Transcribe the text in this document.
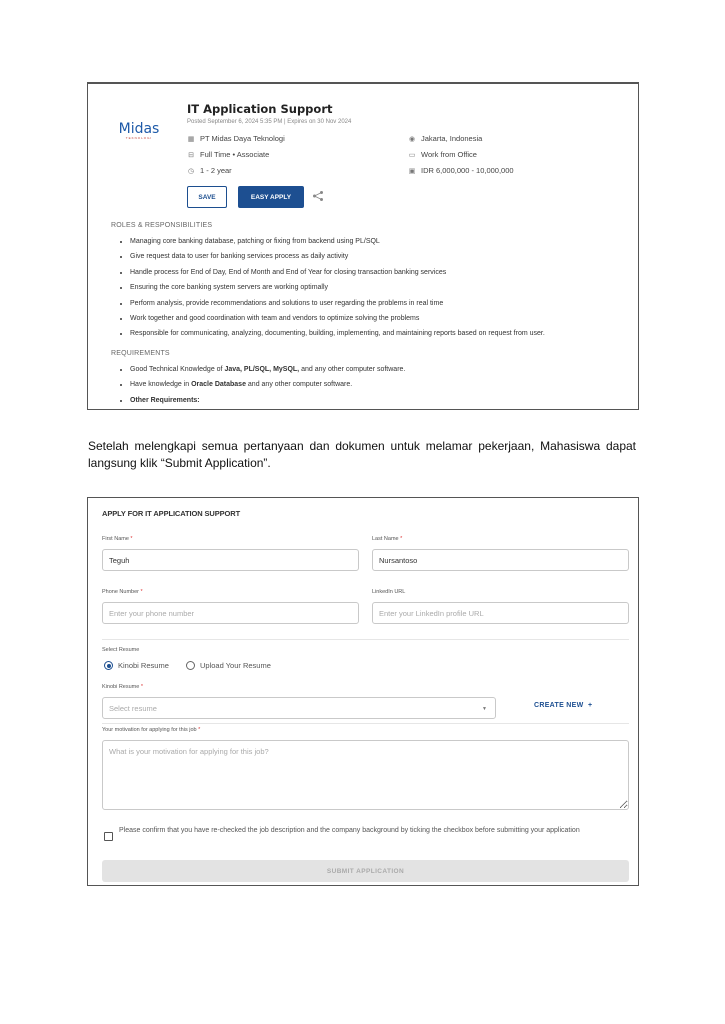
Midas
TEKNOLOGI
IT Application Support
Posted September 6, 2024 5:35 PM | Expires on 30 Nov 2024
▦ PT Midas Daya Teknologi
⊟ Full Time • Associate
◷ 1 - 2 year
◉ Jakarta, Indonesia
▭ Work from Office
▣ IDR 6,000,000 - 10,000,000
SAVE	EASY APPLY
ROLES & RESPONSIBILITIES
• Managing core banking database, patching or fixing from backend using PL/SQL
• Give request data to user for banking services process as daily activity
• Handle process for End of Day, End of Month and End of Year for closing transaction banking services
• Ensuring the core banking system servers are working optimally
• Perform analysis, provide recommendations and solutions to user regarding the problems in real time
• Work together and good coordination with team and vendors to optimize solving the problems
• Responsible for communicating, analyzing, documenting, building, implementing, and maintaining reports based on request from user.
REQUIREMENTS
• Good Technical Knowledge of Java, PL/SQL, MySQL, and any other computer software.
• Have knowledge in Oracle Database and any other computer software.
• Other Requirements:
Setelah melengkapi semua pertanyaan dan dokumen untuk melamar pekerjaan, Mahasiswa dapat langsung klik “Submit Application”.
APPLY FOR IT APPLICATION SUPPORT
First Name *
Teguh
Last Name *
Nursantoso
Phone Number *
Enter your phone number
LinkedIn URL
Enter your LinkedIn profile URL
Select Resume
Kinobi Resume	Upload Your Resume
Kinobi Resume *
Select resume	▼	CREATE NEW +
Your motivation for applying for this job *
What is your motivation for applying for this job?
Please confirm that you have re-checked the job description and the company background by ticking the checkbox before submitting your application
SUBMIT APPLICATION
